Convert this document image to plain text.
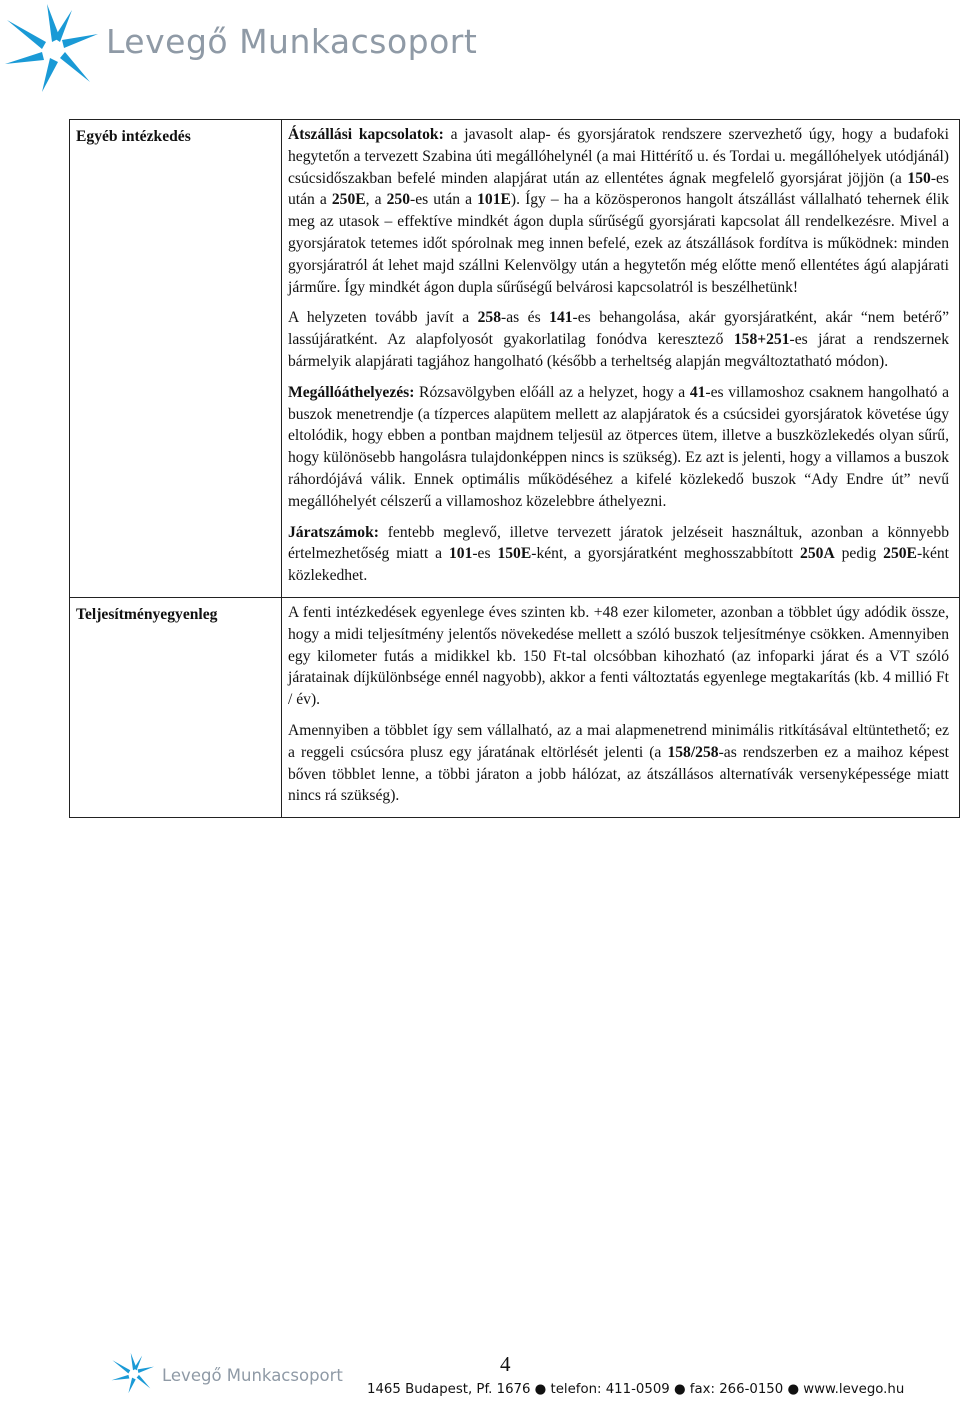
Levegő Munkacsoport
Egyéb intézkedés	Átszállási kapcsolatok: a javasolt alap- és gyorsjáratok rendszere szervezhető úgy, hogy a budafoki hegytetőn a tervezett Szabina úti megállóhelynél (a mai Hittérítő u. és Tordai u. megállóhelyek utódjánál) csúcsidőszakban befelé minden alapjárat után az ellentétes ágnak megfelelő gyorsjárat jöjjön (a 150-es után a 250E, a 250-es után a 101E). Így – ha a közösperonos hangolt átszállást vállalható tehernek élik meg az utasok – effektíve mindkét ágon dupla sűrűségű gyorsjárati kapcsolat áll rendelkezésre. Mivel a gyorsjáratok tetemes időt spórolnak meg innen befelé, ezek az átszállások fordítva is működnek: minden gyorsjáratról át lehet majd szállni Kelenvölgy után a hegytetőn még előtte menő ellentétes ágú alapjárati járműre. Így mindkét ágon dupla sűrűségű belvárosi kapcsolatról is beszélhetünk!

A helyzeten tovább javít a 258-as és 141-es behangolása, akár gyorsjáratként, akár “nem betérő” lassújáratként. Az alapfolyosót gyakorlatilag fonódva keresztező 158+251-es járat a rendszernek bármelyik alapjárati tagjához hangolható (később a terheltség alapján megváltoztatható módon).

Megállóáthelyezés: Rózsavölgyben előáll az a helyzet, hogy a 41-es villamoshoz csaknem hangolható a buszok menetrendje (a tízperces alapütem mellett az alapjáratok és a csúcsidei gyorsjáratok követése úgy eltolódik, hogy ebben a pontban majdnem teljesül az ötperces ütem, illetve a buszközlekedés olyan sűrű, hogy különösebb hangolásra tulajdonképpen nincs is szükség). Ez azt is jelenti, hogy a villamos a buszok ráhordójává válik. Ennek optimális működéséhez a kifelé közlekedő buszok “Ady Endre út” nevű megállóhelyét célszerű a villamoshoz közelebbre áthelyezni.

Járatszámok: fentebb meglevő, illetve tervezett járatok jelzéseit használtuk, azonban a könnyebb értelmezhetőség miatt a 101-es 150E-ként, a gyorsjáratként meghosszabbított 250A pedig 250E-ként közlekedhet.

Teljesítményegyenleg	A fenti intézkedések egyenlege éves szinten kb. +48 ezer kilometer, azonban a többlet úgy adódik össze, hogy a midi teljesítmény jelentős növekedése mellett a szóló buszok teljesítménye csökken. Amennyiben egy kilometer futás a midikkel kb. 150 Ft-tal olcsóbban kihozható (az infoparki járat és a VT szóló járatainak díjkülönbsége ennél nagyobb), akkor a fenti változtatás egyenlege megtakarítás (kb. 4 millió Ft / év).

Amennyiben a többlet így sem vállalható, az a mai alapmenetrend minimális ritkításával eltüntethető; ez a reggeli csúcsóra plusz egy járatának eltörlését jelenti (a 158/258-as rendszerben ez a maihoz képest bőven többlet lenne, a többi járaton a jobb hálózat, az átszállásos alternatívák versenyképessége miatt nincs rá szükség).

Levegő Munkacsoport	4
1465 Budapest, Pf. 1676 ● telefon: 411-0509 ● fax: 266-0150 ● www.levego.hu
